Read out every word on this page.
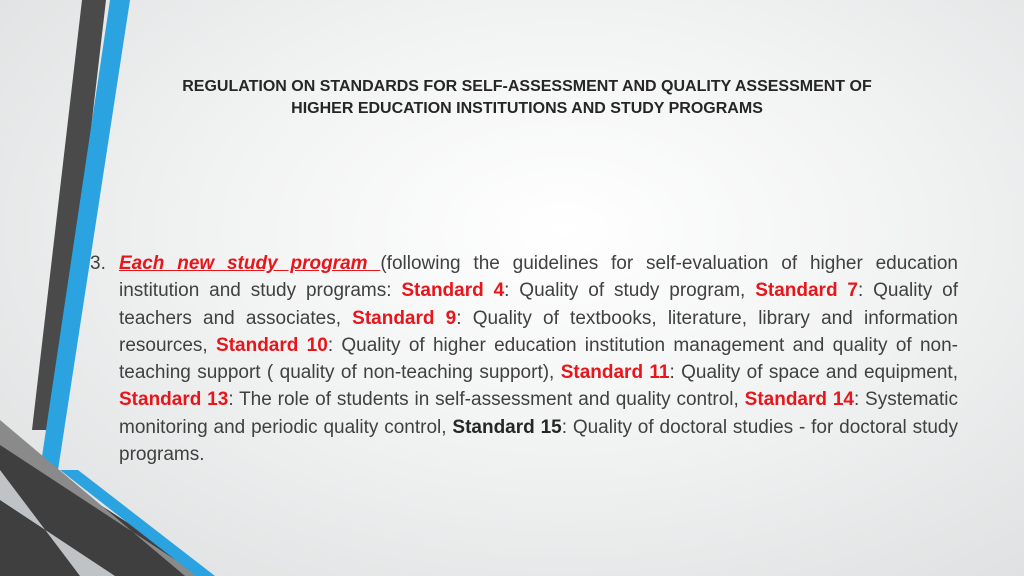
REGULATION ON STANDARDS FOR SELF-ASSESSMENT AND QUALITY ASSESSMENT OF
HIGHER EDUCATION INSTITUTIONS AND STUDY PROGRAMS
3. Each new study program (following the guidelines for self-evaluation of higher education institution and study programs: Standard 4: Quality of study program, Standard 7: Quality of teachers and associates, Standard 9: Quality of textbooks, literature, library and information resources, Standard 10: Quality of higher education institution management and quality of non-teaching support ( quality of non-teaching support), Standard 11: Quality of space and equipment, Standard 13: The role of students in self-assessment and quality control, Standard 14: Systematic monitoring and periodic quality control, Standard 15: Quality of doctoral studies - for doctoral study programs.
